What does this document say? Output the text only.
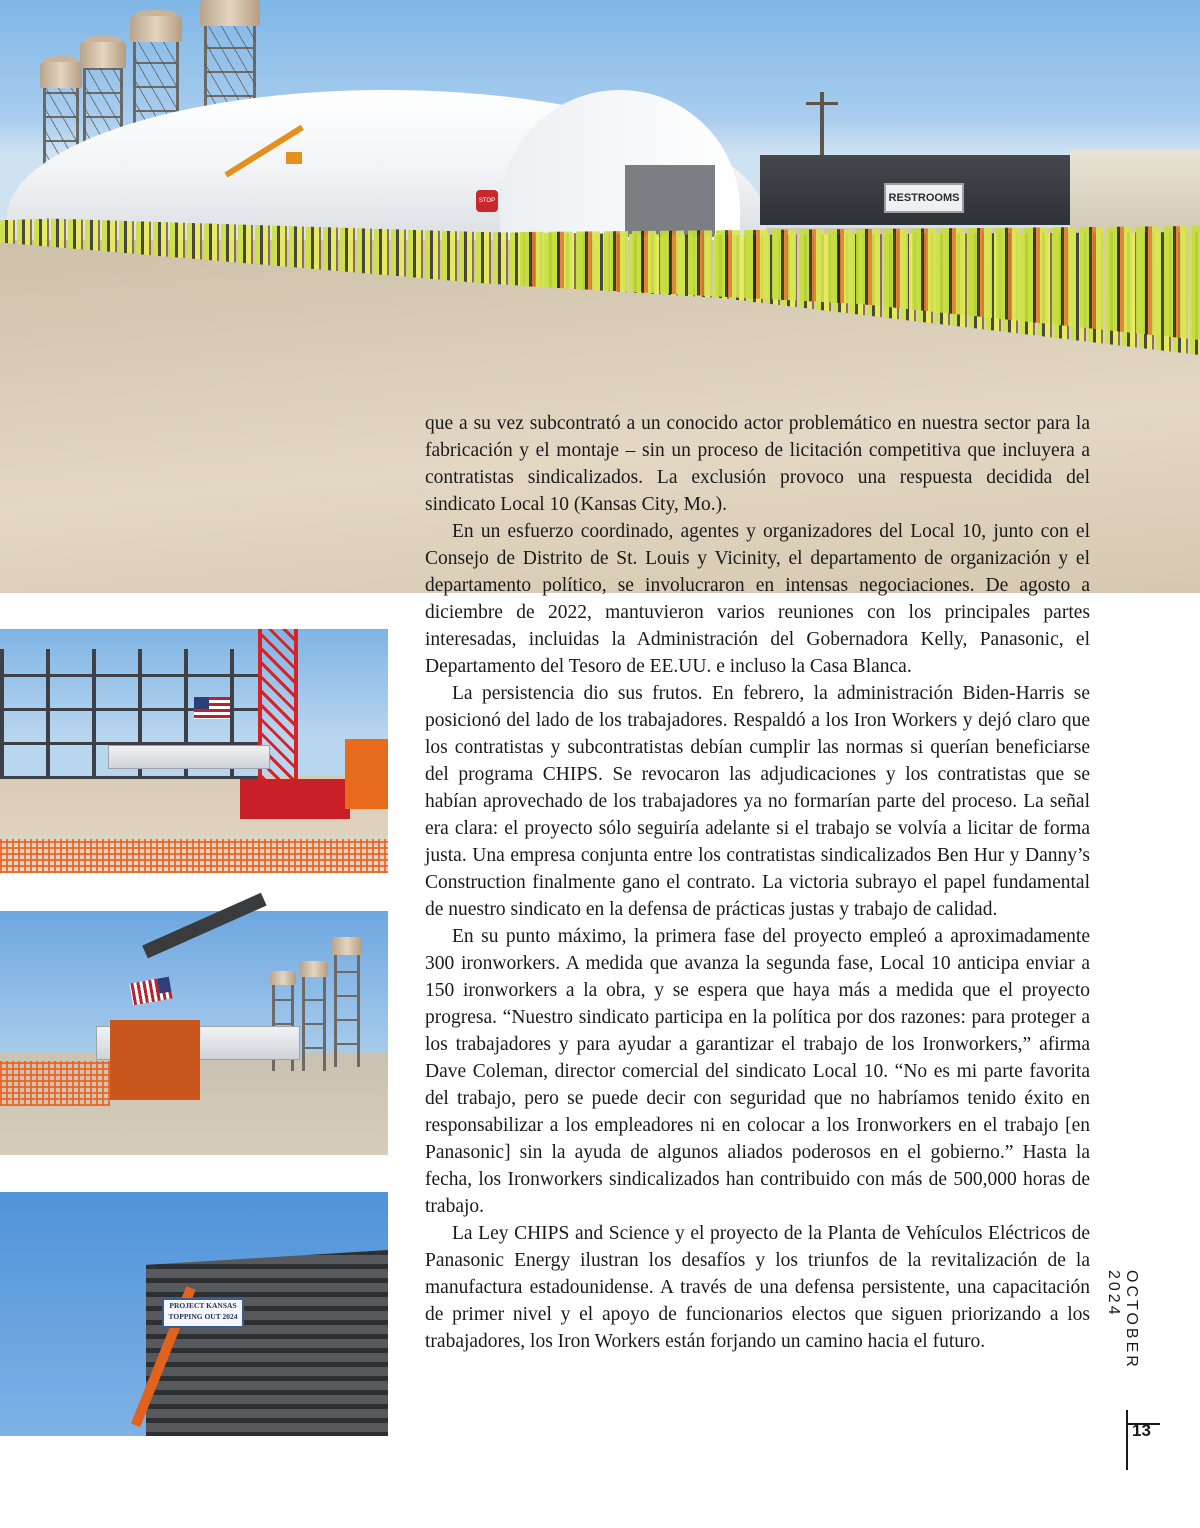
RESTROOMS
STOP
PROJECT KANSAS
TOPPING OUT 2024

que a su vez subcontrató a un conocido actor problemático en nuestra sector para la fabricación y el montaje – sin un proceso de licitación competitiva que incluyera a contratistas sindicalizados. La exclusión provoco una respuesta decidida del sindicato Local 10 (Kansas City, Mo.).

En un esfuerzo coordinado, agentes y organizadores del Local 10, junto con el Consejo de Distrito de St. Louis y Vicinity, el departamento de organización y el departamento político, se involucraron en intensas negociaciones. De agosto a diciembre de 2022, mantuvieron varios reuniones con los principales partes interesadas, incluidas la Administración del Gobernadora Kelly, Panasonic, el Departamento del Tesoro de EE.UU. e incluso la Casa Blanca.

La persistencia dio sus frutos. En febrero, la administración Biden-Harris se posicionó del lado de los trabajadores. Respaldó a los Iron Workers y dejó claro que los contratistas y subcontratistas debían cumplir las normas si querían beneficiarse del programa CHIPS. Se revocaron las adjudicaciones y los contratistas que se habían aprovechado de los trabajadores ya no formarían parte del proceso. La señal era clara: el proyecto sólo seguiría adelante si el trabajo se volvía a licitar de forma justa. Una empresa conjunta entre los contratistas sindicalizados Ben Hur y Danny’s Construction finalmente gano el contrato. La victoria subrayo el papel fundamental de nuestro sindicato en la defensa de prácticas justas y trabajo de calidad.

En su punto máximo, la primera fase del proyecto empleó a aproximadamente 300 ironworkers. A medida que avanza la segunda fase, Local 10 anticipa enviar a 150 ironworkers a la obra, y se espera que haya más a medida que el proyecto progresa. “Nuestro sindicato participa en la política por dos razones: para proteger a los trabajadores y para ayudar a garantizar el trabajo de los Ironworkers,” afirma Dave Coleman, director comercial del sindicato Local 10. “No es mi parte favorita del trabajo, pero se puede decir con seguridad que no habríamos tenido éxito en responsabilizar a los empleadores ni en colocar a los Ironworkers en el trabajo [en Panasonic] sin la ayuda de algunos aliados poderosos en el gobierno.” Hasta la fecha, los Ironworkers sindicalizados han contribuido con más de 500,000 horas de trabajo.

La Ley CHIPS and Science y el proyecto de la Planta de Vehículos Eléctricos de Panasonic Energy ilustran los desafíos y los triunfos de la revitalización de la manufactura estadounidense. A través de una defensa persistente, una capacitación de primer nivel y el apoyo de funcionarios electos que siguen priorizando a los trabajadores, los Iron Workers están forjando un camino hacia el futuro.	OCTOBER 2024
13
